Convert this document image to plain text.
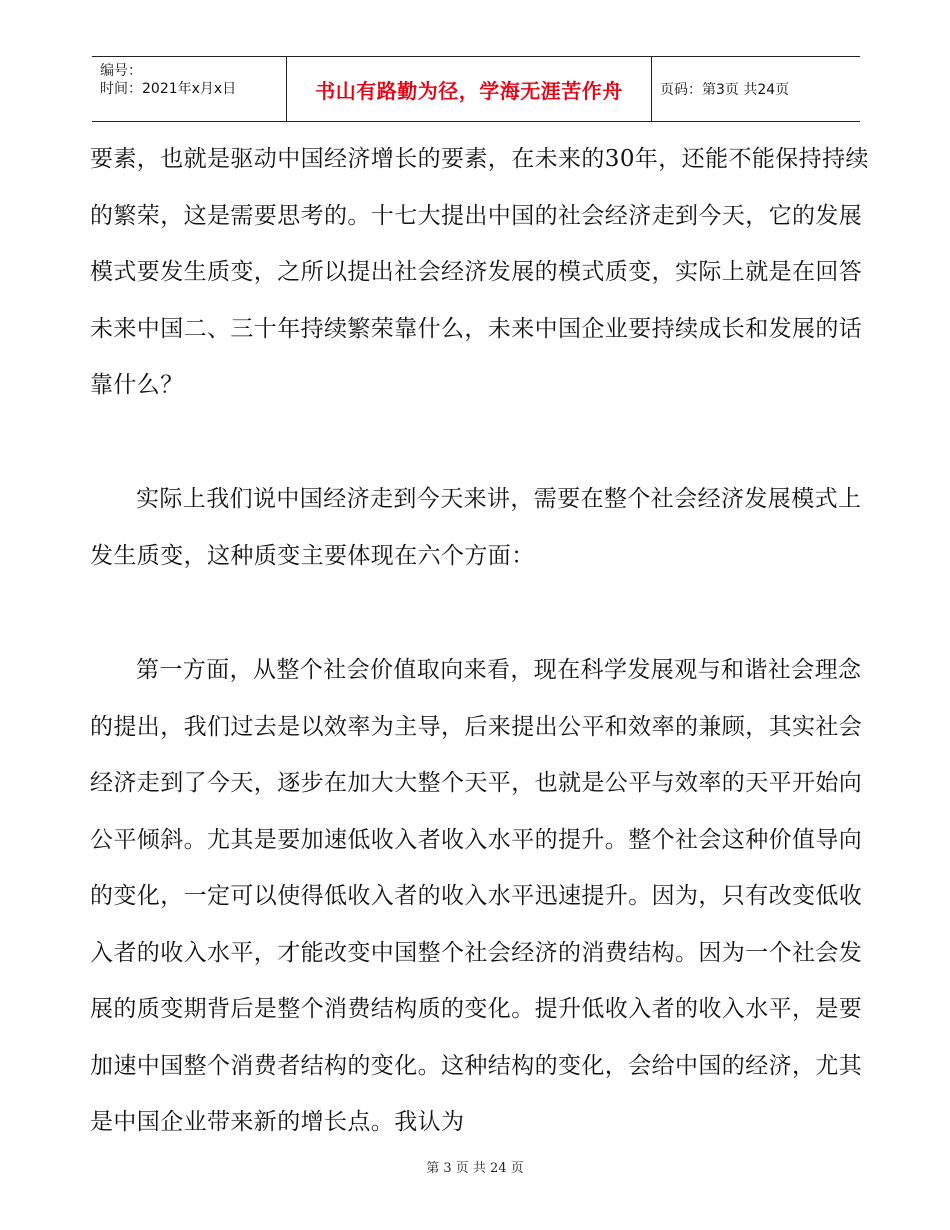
编号：
时间：2021年x月x日	书山有路勤为径，学海无涯苦作舟	页码：第3页 共24页

要素，也就是驱动中国经济增长的要素，在未来的30年，还能不能保持持续的繁荣，这是需要思考的。十七大提出中国的社会经济走到今天，它的发展模式要发生质变，之所以提出社会经济发展的模式质变，实际上就是在回答未来中国二、三十年持续繁荣靠什么，未来中国企业要持续成长和发展的话靠什么？

实际上我们说中国经济走到今天来讲，需要在整个社会经济发展模式上发生质变，这种质变主要体现在六个方面：

第一方面，从整个社会价值取向来看，现在科学发展观与和谐社会理念的提出，我们过去是以效率为主导，后来提出公平和效率的兼顾，其实社会经济走到了今天，逐步在加大大整个天平，也就是公平与效率的天平开始向公平倾斜。尤其是要加速低收入者收入水平的提升。整个社会这种价值导向的变化，一定可以使得低收入者的收入水平迅速提升。因为，只有改变低收入者的收入水平，才能改变中国整个社会经济的消费结构。因为一个社会发展的质变期背后是整个消费结构质的变化。提升低收入者的收入水平，是要加速中国整个消费者结构的变化。这种结构的变化，会给中国的经济，尤其是中国企业带来新的增长点。我认为

第 3 页 共 24 页
